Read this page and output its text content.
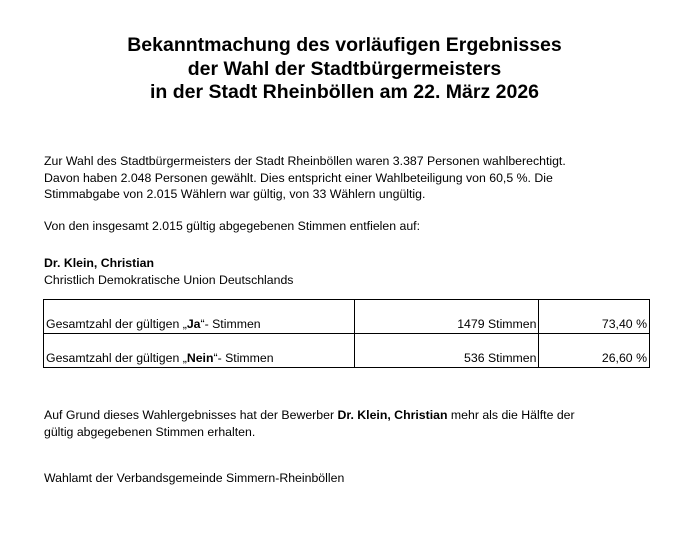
Bekanntmachung des vorläufigen Ergebnisses
der Wahl der Stadtbürgermeisters
in der Stadt Rheinböllen am 22. März 2026
Zur Wahl des Stadtbürgermeisters der Stadt Rheinböllen waren 3.387 Personen wahlberechtigt.
Davon haben 2.048 Personen gewählt. Dies entspricht einer Wahlbeteiligung von 60,5 %. Die
Stimmabgabe von 2.015 Wählern war gültig, von 33 Wählern ungültig.
Von den insgesamt 2.015 gültig abgegebenen Stimmen entfielen auf:
Dr. Klein, Christian
Christlich Demokratische Union Deutschlands
Gesamtzahl der gültigen „Ja“- Stimmen	1479 Stimmen	73,40 %
Gesamtzahl der gültigen „Nein“- Stimmen	536 Stimmen	26,60 %
Auf Grund dieses Wahlergebnisses hat der Bewerber Dr. Klein, Christian mehr als die Hälfte der
gültig abgegebenen Stimmen erhalten.
Wahlamt der Verbandsgemeinde Simmern-Rheinböllen
